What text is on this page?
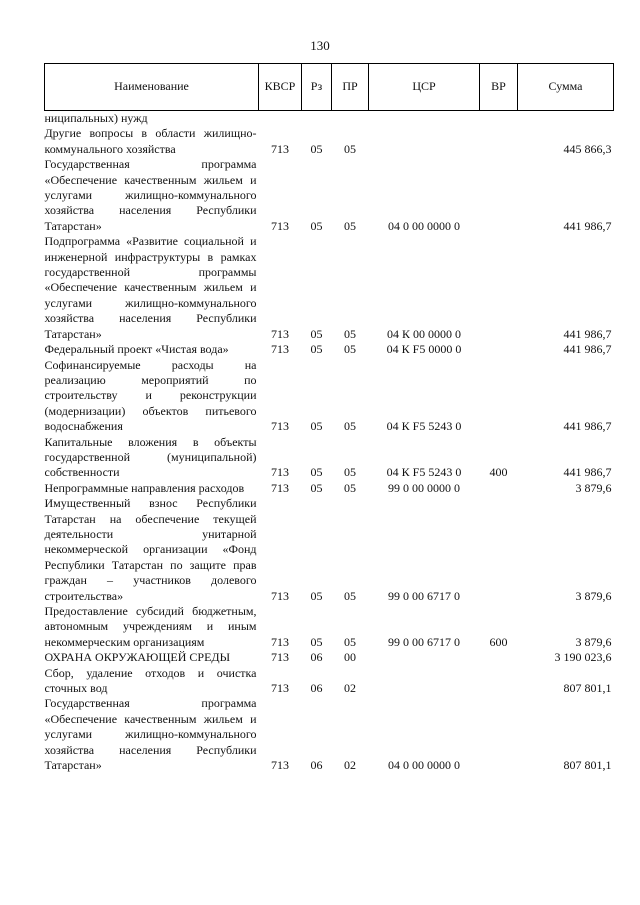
130
Наименование	КВСР	Рз	ПР	ЦСР	ВР	Сумма
ниципальных) нужд						
Другие вопросы в области жилищно-коммунального хозяйства	713	05	05			445 866,3
Государственная программа «Обеспечение качественным жильем и услугами жилищно-коммунального хозяйства населения Республики Татарстан»	713	05	05	04 0 00 0000 0		441 986,7
Подпрограмма «Развитие социальной и инженерной инфраструктуры в рамках государственной программы «Обеспечение качественным жильем и услугами жилищно-коммунального хозяйства населения Республики Татарстан»	713	05	05	04 К 00 0000 0		441 986,7
Федеральный проект «Чистая вода»	713	05	05	04 К F5 0000 0		441 986,7
Софинансируемые расходы на реализацию мероприятий по строительству и реконструкции (модернизации) объектов питьевого водоснабжения	713	05	05	04 К F5 5243 0		441 986,7
Капитальные вложения в объекты государственной (муниципальной) собственности	713	05	05	04 К F5 5243 0	400	441 986,7
Непрограммные направления расходов	713	05	05	99 0 00 0000 0		3 879,6
Имущественный взнос Республики Татарстан на обеспечение текущей деятельности унитарной некоммерческой организации «Фонд Республики Татарстан по защите прав граждан – участников долевого строительства»	713	05	05	99 0 00 6717 0		3 879,6
Предоставление субсидий бюджетным, автономным учреждениям и иным некоммерческим организациям	713	05	05	99 0 00 6717 0	600	3 879,6
ОХРАНА ОКРУЖАЮЩЕЙ СРЕДЫ	713	06	00			3 190 023,6
Сбор, удаление отходов и очистка сточных вод	713	06	02			807 801,1
Государственная программа «Обеспечение качественным жильем и услугами жилищно-коммунального хозяйства населения Республики Татарстан»	713	06	02	04 0 00 0000 0		807 801,1
